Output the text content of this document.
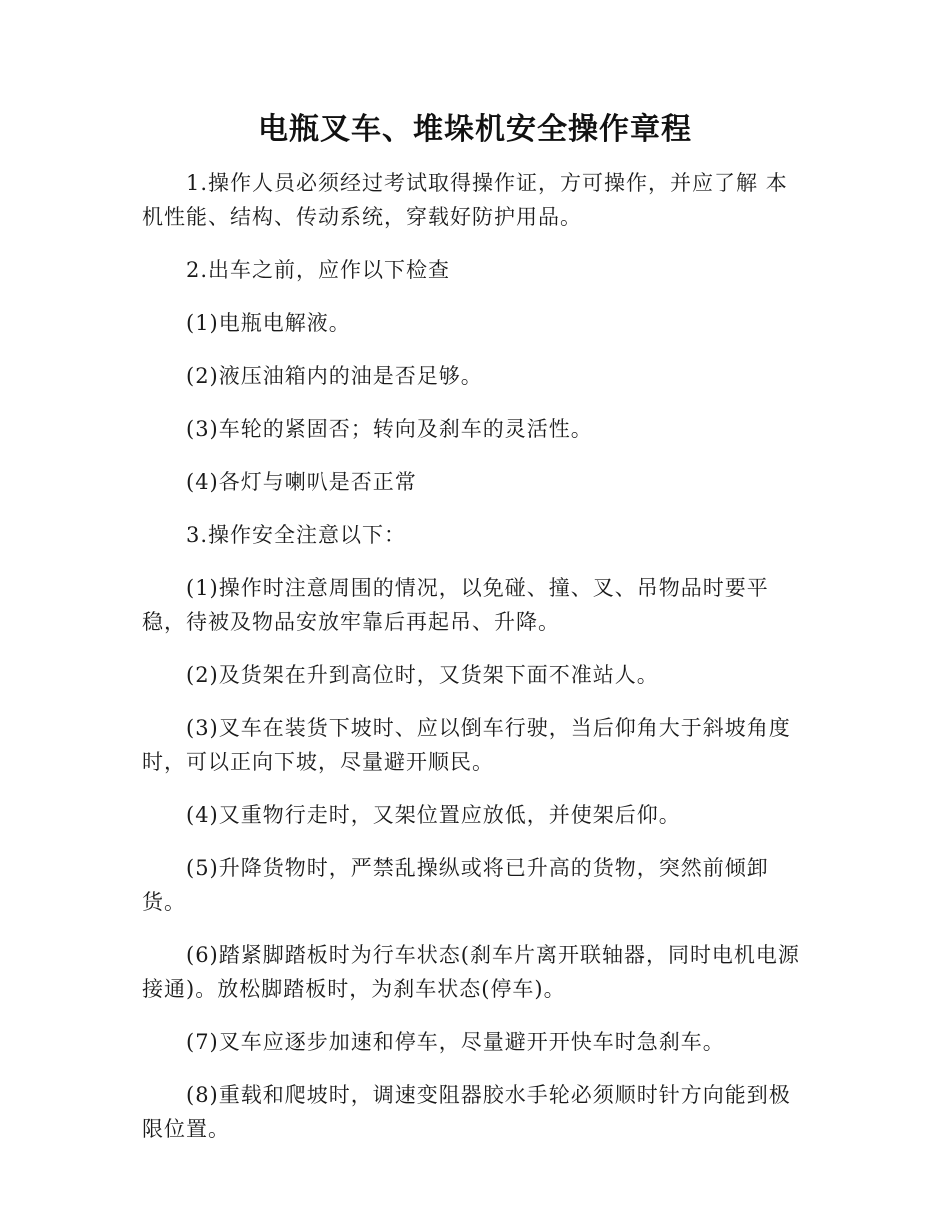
电瓶叉车、堆垛机安全操作章程

1.操作人员必须经过考试取得操作证，方可操作，并应了解 本机性能、结构、传动系统，穿载好防护用品。

2.出车之前，应作以下检查

(1)电瓶电解液。

(2)液压油箱内的油是否足够。

(3)车轮的紧固否；转向及刹车的灵活性。

(4)各灯与喇叭是否正常

3.操作安全注意以下：

(1)操作时注意周围的情况，以免碰、撞、叉、吊物品时要平稳，待被及物品安放牢靠后再起吊、升降。

(2)及货架在升到高位时，又货架下面不准站人。

(3)叉车在装货下坡时、应以倒车行驶，当后仰角大于斜坡角度时，可以正向下坡，尽量避开顺民。

(4)又重物行走时，又架位置应放低，并使架后仰。

(5)升降货物时，严禁乱操纵或将已升高的货物，突然前倾卸货。

(6)踏紧脚踏板时为行车状态(刹车片离开联轴器，同时电机电源接通)。放松脚踏板时，为刹车状态(停车)。

(7)叉车应逐步加速和停车，尽量避开开快车时急刹车。

(8)重载和爬坡时，调速变阻器胶水手轮必须顺时针方向能到极限位置。
